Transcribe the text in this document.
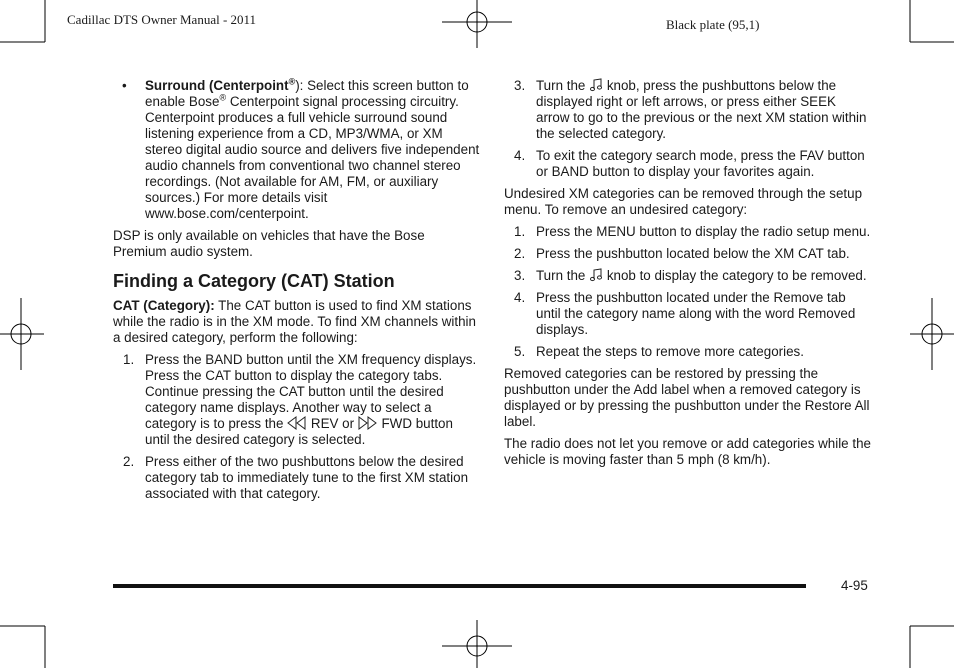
Cadillac DTS Owner Manual - 2011	Black plate (95,1)
• Surround (Centerpoint®): Select this screen button to enable Bose® Centerpoint signal processing circuitry. Centerpoint produces a full vehicle surround sound listening experience from a CD, MP3/WMA, or XM stereo digital audio source and delivers five independent audio channels from conventional two channel stereo recordings. (Not available for AM, FM, or auxiliary sources.) For more details visit www.bose.com/centerpoint.

DSP is only available on vehicles that have the Bose Premium audio system.

Finding a Category (CAT) Station

CAT (Category): The CAT button is used to find XM stations while the radio is in the XM mode. To find XM channels within a desired category, perform the following:

1. Press the BAND button until the XM frequency displays. Press the CAT button to display the category tabs. Continue pressing the CAT button until the desired category name displays. Another way to select a category is to press the  REV or  FWD button until the desired category is selected.
2. Press either of the two pushbuttons below the desired category tab to immediately tune to the first XM station associated with that category.
3. Turn the  knob, press the pushbuttons below the displayed right or left arrows, or press either SEEK arrow to go to the previous or the next XM station within the selected category.
4. To exit the category search mode, press the FAV button or BAND button to display your favorites again.

Undesired XM categories can be removed through the setup menu. To remove an undesired category:

1. Press the MENU button to display the radio setup menu.
2. Press the pushbutton located below the XM CAT tab.
3. Turn the  knob to display the category to be removed.
4. Press the pushbutton located under the Remove tab until the category name along with the word Removed displays.
5. Repeat the steps to remove more categories.

Removed categories can be restored by pressing the pushbutton under the Add label when a removed category is displayed or by pressing the pushbutton under the Restore All label.

The radio does not let you remove or add categories while the vehicle is moving faster than 5 mph (8 km/h).

4-95
